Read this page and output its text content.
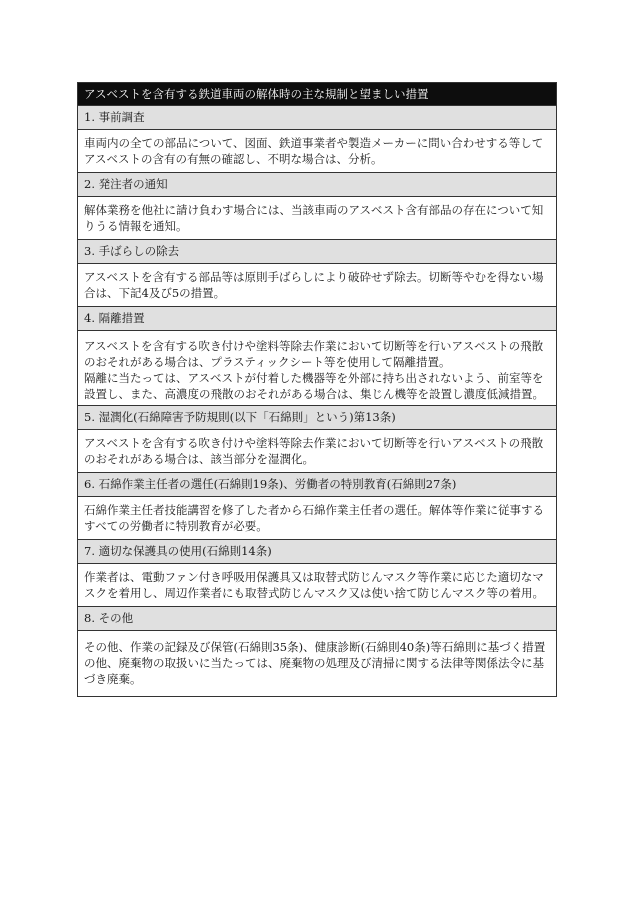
アスベストを含有する鉄道車両の解体時の主な規制と望ましい措置
1. 事前調査
車両内の全ての部品について、図面、鉄道事業者や製造メーカーに問い合わせする等してアスベストの含有の有無の確認し、不明な場合は、分析。
2. 発注者の通知
解体業務を他社に請け負わす場合には、当該車両のアスベスト含有部品の存在について知りうる情報を通知。
3. 手ばらしの除去
アスベストを含有する部品等は原則手ばらしにより破砕せず除去。切断等やむを得ない場合は、下記4及び5の措置。
4. 隔離措置
アスベストを含有する吹き付けや塗料等除去作業において切断等を行いアスベストの飛散のおそれがある場合は、プラスティックシート等を使用して隔離措置。
隔離に当たっては、アスベストが付着した機器等を外部に持ち出されないよう、前室等を設置し、また、高濃度の飛散のおそれがある場合は、集じん機等を設置し濃度低減措置。
5. 湿潤化(石綿障害予防規則(以下「石綿則」という)第13条)
アスベストを含有する吹き付けや塗料等除去作業において切断等を行いアスベストの飛散のおそれがある場合は、該当部分を湿潤化。
6. 石綿作業主任者の選任(石綿則19条)、労働者の特別教育(石綿則27条)
石綿作業主任者技能講習を修了した者から石綿作業主任者の選任。解体等作業に従事するすべての労働者に特別教育が必要。
7. 適切な保護具の使用(石綿則14条)
作業者は、電動ファン付き呼吸用保護具又は取替式防じんマスク等作業に応じた適切なマスクを着用し、周辺作業者にも取替式防じんマスク又は使い捨て防じんマスク等の着用。
8. その他
その他、作業の記録及び保管(石綿則35条)、健康診断(石綿則40条)等石綿則に基づく措置の他、廃棄物の取扱いに当たっては、廃棄物の処理及び清掃に関する法律等関係法令に基づき廃棄。
